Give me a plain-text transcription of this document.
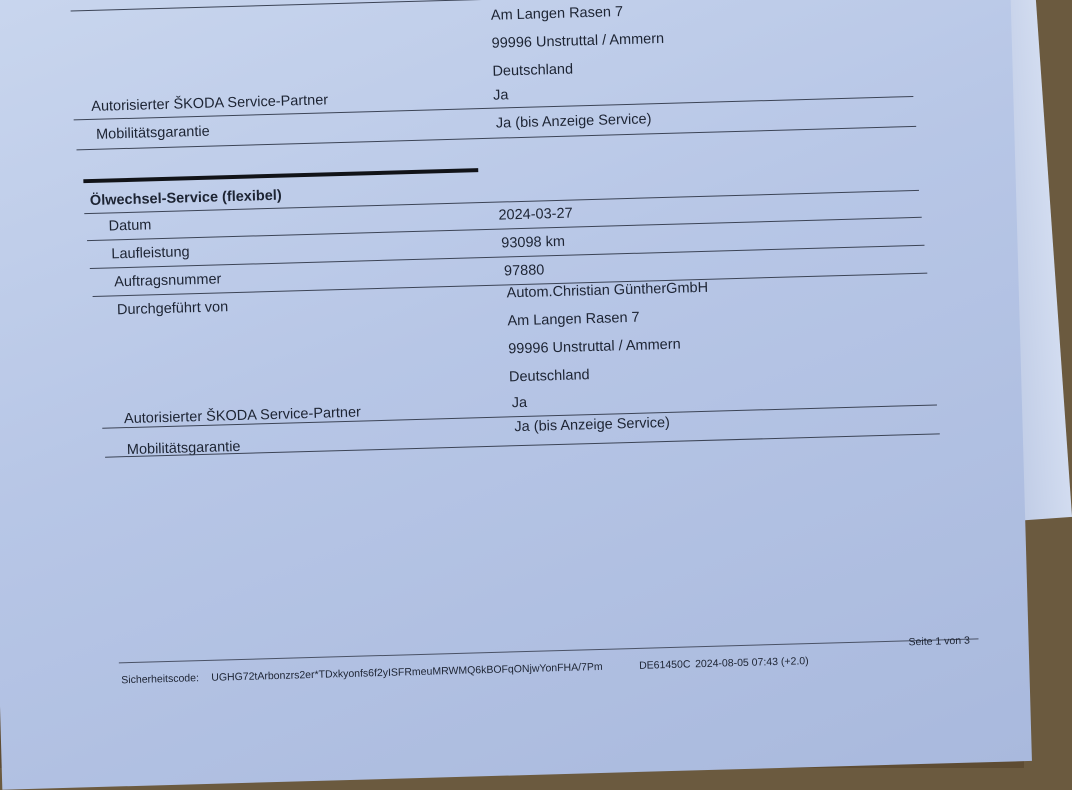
Am Langen Rasen 7
99996 Unstruttal / Ammern
Deutschland
Autorisierter ŠKODA Service-Partner	Ja
Mobilitätsgarantie
Ja (bis Anzeige Service)
Ölwechsel-Service (flexibel)
Datum
2024-03-27
Laufleistung
93098 km
Auftragsnummer
97880
Durchgeführt von
Autom.Christian GüntherGmbH
Am Langen Rasen 7
99996 Unstruttal / Ammern
Deutschland
Autorisierter ŠKODA Service-Partner
Ja
Mobilitätsgarantie
Ja (bis Anzeige Service)

Sicherheitscode: UGHG72tArbonzrs2er*TDxkyonfs6f2yISFRmeuMRWMQ6kBOFqONjwYonFHA/7Pm	DE61450C 2024-08-05 07:43 (+2.0)
Seite 1 von 3
